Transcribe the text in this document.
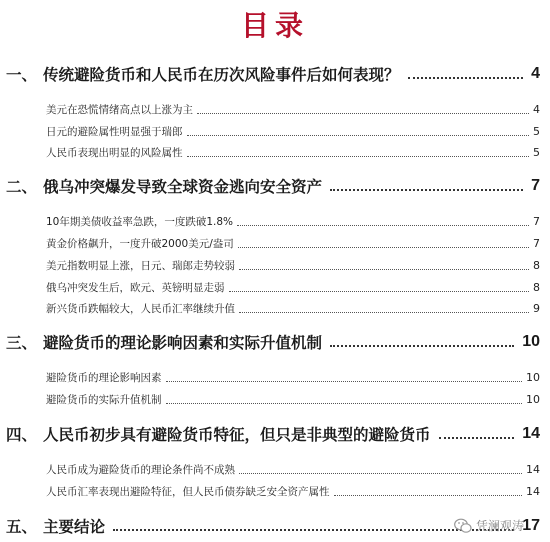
目录
一、 传统避险货币和人民币在历次风险事件后如何表现？	4
美元在恐慌情绪高点以上涨为主	4
日元的避险属性明显强于瑞郎	5
人民币表现出明显的风险属性	5
二、 俄乌冲突爆发导致全球资金逃向安全资产	7
10年期美债收益率急跌，一度跌破1.8%	7
黄金价格飙升，一度升破2000美元/盎司	7
美元指数明显上涨，日元、瑞郎走势较弱	8
俄乌冲突发生后，欧元、英镑明显走弱	8
新兴货币跌幅较大，人民币汇率继续升值	9
三、 避险货币的理论影响因素和实际升值机制	10
避险货币的理论影响因素	10
避险货币的实际升值机制	10
四、 人民币初步具有避险货币特征，但只是非典型的避险货币	14
人民币成为避险货币的理论条件尚不成熟	14
人民币汇率表现出避险特征，但人民币债券缺乏安全资产属性	14
五、 主要结论	17
凭澜观涛
